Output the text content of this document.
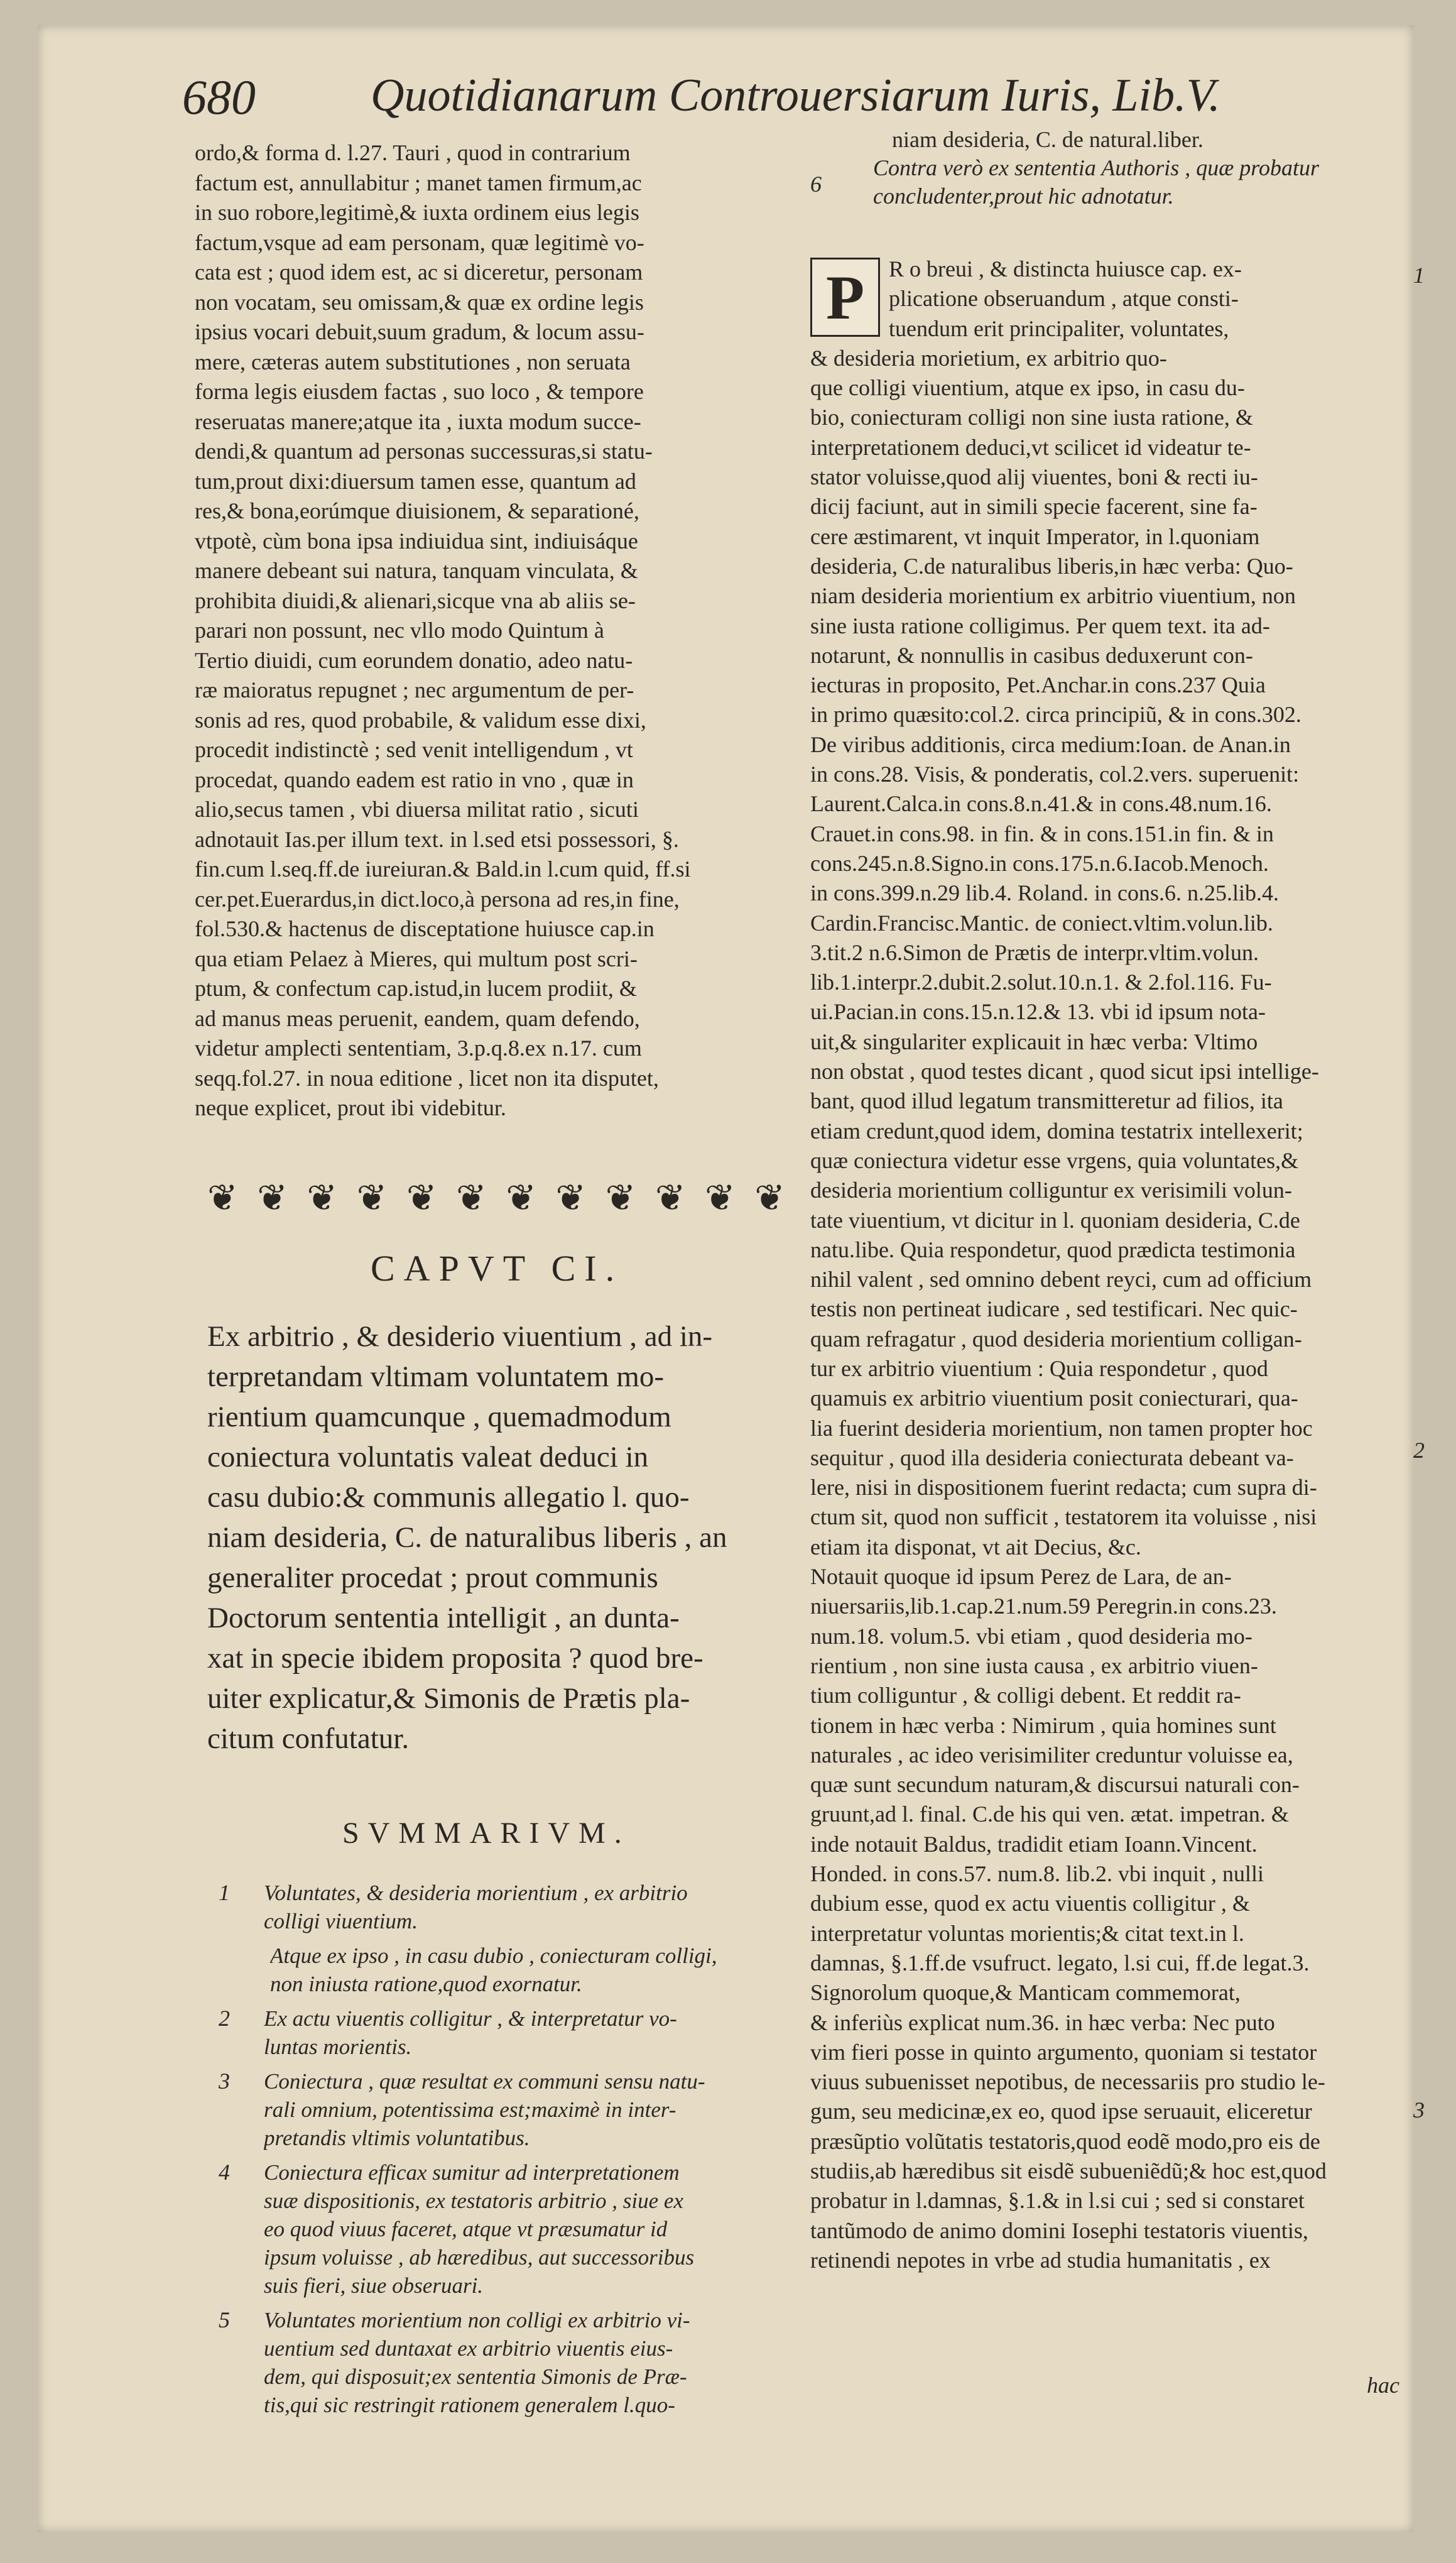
680 Quotidianarum Controuersiarum Iuris, Lib.V.
ordo,& forma d. l.27. Tauri , quod in contrarium
factum est, annullabitur ; manet tamen firmum,ac
in suo robore,legitimè,& iuxta ordinem eius legis
factum,vsque ad eam personam, quæ legitimè vo-
cata est ; quod idem est, ac si diceretur, personam
non vocatam, seu omissam,& quæ ex ordine legis
ipsius vocari debuit,suum gradum, & locum assu-
mere, cæteras autem substitutiones , non seruata
forma legis eiusdem factas , suo loco , & tempore
reseruatas manere;atque ita , iuxta modum succe-
dendi,& quantum ad personas successuras,si statu-
tum,prout dixi:diuersum tamen esse, quantum ad
res,& bona,eorúmque diuisionem, & separationé,
vtpotè, cùm bona ipsa indiuidua sint, indiuisáque
manere debeant sui natura, tanquam vinculata, &
prohibita diuidi,& alienari,sicque vna ab aliis se-
parari non possunt, nec vllo modo Quintum à
Tertio diuidi, cum eorundem donatio, adeo natu-
ræ maioratus repugnet ; nec argumentum de per-
sonis ad res, quod probabile, & validum esse dixi,
procedit indistinctè ; sed venit intelligendum , vt
procedat, quando eadem est ratio in vno , quæ in
alio,secus tamen , vbi diuersa militat ratio , sicuti
adnotauit Ias.per illum text. in l.sed etsi possessori, §.
fin.cum l.seq.ff.de iureiuran.& Bald.in l.cum quid, ff.si
cer.pet.Euerardus,in dict.loco,à persona ad res,in fine,
fol.530.& hactenus de disceptatione huiusce cap.in
qua etiam Pelaez à Mieres, qui multum post scri-
ptum, & confectum cap.istud,in lucem prodiit, &
ad manus meas peruenit, eandem, quam defendo,
videtur amplecti sententiam, 3.p.q.8.ex n.17. cum
seqq.fol.27. in noua editione , licet non ita disputet,
neque explicet, prout ibi videbitur.
❦ ❦ ❦ ❦ ❦ ❦ ❦ ❦ ❦ ❦ ❦ ❦
CAPVT CI.
Ex arbitrio , & desiderio viuentium , ad in-
terpretandam vltimam voluntatem mo-
rientium quamcunque , quemadmodum
coniectura voluntatis valeat deduci in
casu dubio:& communis allegatio l. quo-
niam desideria, C. de naturalibus liberis , an
generaliter procedat ; prout communis
Doctorum sententia intelligit , an dunta-
xat in specie ibidem proposita ? quod bre-
uiter explicatur,& Simonis de Prætis pla-
citum confutatur.
SVMMARIVM.
1 Voluntates, & desideria morientium , ex arbitrio
colligi viuentium.
Atque ex ipso , in casu dubio , coniecturam colligi,
non iniusta ratione,quod exornatur.
2 Ex actu viuentis colligitur , & interpretatur vo-
luntas morientis.
3 Coniectura , quæ resultat ex communi sensu natu-
rali omnium, potentissima est;maximè in inter-
pretandis vltimis voluntatibus.
4 Coniectura efficax sumitur ad interpretationem
suæ dispositionis, ex testatoris arbitrio , siue ex
eo quod viuus faceret, atque vt præsumatur id
ipsum voluisse , ab hæredibus, aut successoribus
suis fieri, siue obseruari.
5 Voluntates morientium non colligi ex arbitrio vi-
uentium sed duntaxat ex arbitrio viuentis eius-
dem, qui disposuit;ex sententia Simonis de Præ-
tis,qui sic restringit rationem generalem l.quo-
niam desideria, C. de natural.liber.
Contra verò ex sententia Authoris , quæ probatur
concludenter,prout hic adnotatur.
6
P	R o breui , & distincta huiusce cap. ex-
plicatione obseruandum , atque consti-
tuendum erit principaliter, voluntates,
& desideria morietium, ex arbitrio quo-
que colligi viuentium, atque ex ipso, in casu du-
bio, coniecturam colligi non sine iusta ratione, &
interpretationem deduci,vt scilicet id videatur te-
stator voluisse,quod alij viuentes, boni & recti iu-
dicij faciunt, aut in simili specie facerent, sine fa-
cere æstimarent, vt inquit Imperator, in l.quoniam
desideria, C.de naturalibus liberis,in hæc verba: Quo-
niam desideria morientium ex arbitrio viuentium, non
sine iusta ratione colligimus. Per quem text. ita ad-
notarunt, & nonnullis in casibus deduxerunt con-
iecturas in proposito, Pet.Anchar.in cons.237 Quia
in primo quæsito:col.2. circa principiũ, & in cons.302.
De viribus additionis, circa medium:Ioan. de Anan.in
in cons.28. Visis, & ponderatis, col.2.vers. superuenit:
Laurent.Calca.in cons.8.n.41.& in cons.48.num.16.
Crauet.in cons.98. in fin. & in cons.151.in fin. & in
cons.245.n.8.Signo.in cons.175.n.6.Iacob.Menoch.
in cons.399.n.29 lib.4. Roland. in cons.6. n.25.lib.4.
Cardin.Francisc.Mantic. de coniect.vltim.volun.lib.
3.tit.2 n.6.Simon de Prætis de interpr.vltim.volun.
lib.1.interpr.2.dubit.2.solut.10.n.1. & 2.fol.116. Fu-
ui.Pacian.in cons.15.n.12.& 13. vbi id ipsum nota-
uit,& singulariter explicauit in hæc verba: Vltimo
non obstat , quod testes dicant , quod sicut ipsi intellige-
bant, quod illud legatum transmitteretur ad filios, ita
etiam credunt,quod idem, domina testatrix intellexerit;
quæ coniectura videtur esse vrgens, quia voluntates,&
desideria morientium colliguntur ex verisimili volun-
tate viuentium, vt dicitur in l. quoniam desideria, C.de
natu.libe. Quia respondetur, quod prædicta testimonia
nihil valent , sed omnino debent reyci, cum ad officium
testis non pertineat iudicare , sed testificari. Nec quic-
quam refragatur , quod desideria morientium colligan-
tur ex arbitrio viuentium : Quia respondetur , quod
quamuis ex arbitrio viuentium posit coniecturari, qua-
lia fuerint desideria morientium, non tamen propter hoc
sequitur , quod illa desideria coniecturata debeant va-
lere, nisi in dispositionem fuerint redacta; cum supra di-
ctum sit, quod non sufficit , testatorem ita voluisse , nisi
etiam ita disponat, vt ait Decius, &c.
Notauit quoque id ipsum Perez de Lara, de an-
niuersariis,lib.1.cap.21.num.59 Peregrin.in cons.23.
num.18. volum.5. vbi etiam , quod desideria mo-
rientium , non sine iusta causa , ex arbitrio viuen-
tium colliguntur , & colligi debent. Et reddit ra-
tionem in hæc verba : Nimirum , quia homines sunt
naturales , ac ideo verisimiliter creduntur voluisse ea,
quæ sunt secundum naturam,& discursui naturali con-
gruunt,ad l. final. C.de his qui ven. ætat. impetran. &
inde notauit Baldus, tradidit etiam Ioann.Vincent.
Honded. in cons.57. num.8. lib.2. vbi inquit , nulli
dubium esse, quod ex actu viuentis colligitur , &
interpretatur voluntas morientis;& citat text.in l.
damnas, §.1.ff.de vsufruct. legato, l.si cui, ff.de legat.3.
Signorolum quoque,& Manticam commemorat,
& inferiùs explicat num.36. in hæc verba: Nec puto
vim fieri posse in quinto argumento, quoniam si testator
viuus subuenisset nepotibus, de necessariis pro studio le-
gum, seu medicinæ,ex eo, quod ipse seruauit, eliceretur
præsũptio volũtatis testatoris,quod eodẽ modo,pro eis de
studiis,ab hæredibus sit eisdẽ subueniẽdũ;& hoc est,quod
probatur in l.damnas, §.1.& in l.si cui ; sed si constaret
tantũmodo de animo domini Iosephi testatoris viuentis,
retinendi nepotes in vrbe ad studia humanitatis , ex
1
2
3
hac
